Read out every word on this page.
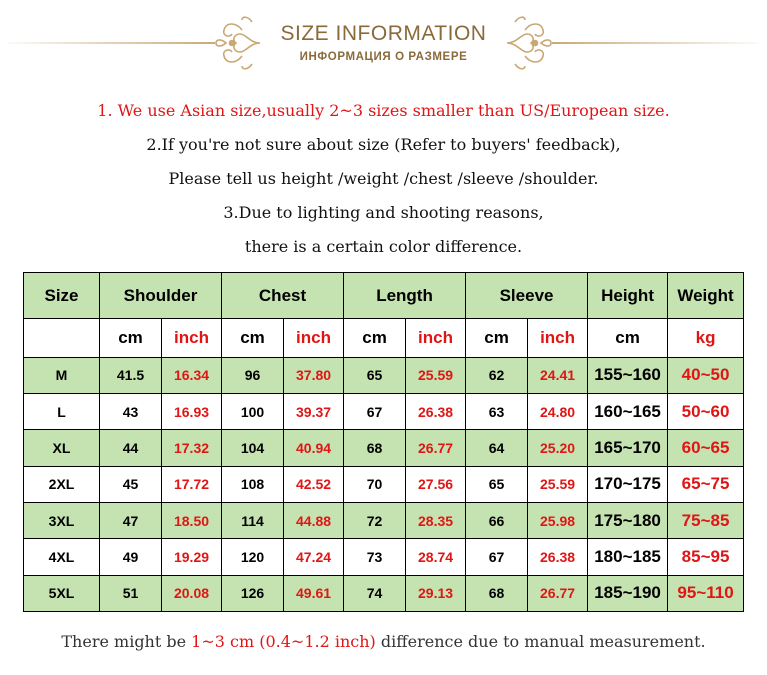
SIZE INFORMATION
ИНФОРМАЦИЯ О РАЗМЕРЕ
1. We use Asian size,usually 2~3 sizes smaller than US/European size.
2.If you're not sure about size (Refer to buyers' feedback),
Please tell us height /weight /chest /sleeve /shoulder.
3.Due to lighting and shooting reasons,
there is a certain color difference.
Size	Shoulder		Chest		Length		Sleeve		Height	Weight
	cm	inch	cm	inch	cm	inch	cm	inch	cm	kg
M	41.5	16.34	96	37.80	65	25.59	62	24.41	155~160	40~50
L	43	16.93	100	39.37	67	26.38	63	24.80	160~165	50~60
XL	44	17.32	104	40.94	68	26.77	64	25.20	165~170	60~65
2XL	45	17.72	108	42.52	70	27.56	65	25.59	170~175	65~75
3XL	47	18.50	114	44.88	72	28.35	66	25.98	175~180	75~85
4XL	49	19.29	120	47.24	73	28.74	67	26.38	180~185	85~95
5XL	51	20.08	126	49.61	74	29.13	68	26.77	185~190	95~110
There might be 1~3 cm (0.4~1.2 inch) difference due to manual measurement.
